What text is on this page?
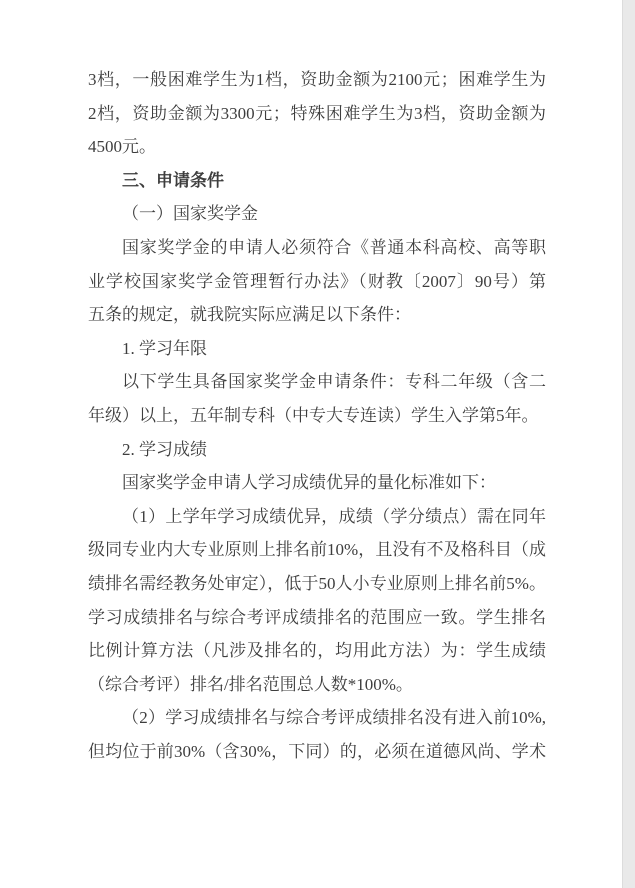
3档，一般困难学生为1档，资助金额为2100元；困难学生为
2档，资助金额为3300元；特殊困难学生为3档，资助金额为
4500元。
三、申请条件
（一）国家奖学金
国家奖学金的申请人必须符合《普通本科高校、高等职
业学校国家奖学金管理暂行办法》（财教〔2007〕90号）第
五条的规定，就我院实际应满足以下条件：
1. 学习年限
以下学生具备国家奖学金申请条件：专科二年级（含二
年级）以上，五年制专科（中专大专连读）学生入学第5年。
2. 学习成绩
国家奖学金申请人学习成绩优异的量化标准如下：
（1）上学年学习成绩优异，成绩（学分绩点）需在同年
级同专业内大专业原则上排名前10%，且没有不及格科目（成
绩排名需经教务处审定），低于50人小专业原则上排名前5%。
学习成绩排名与综合考评成绩排名的范围应一致。学生排名
比例计算方法（凡涉及排名的，均用此方法）为：学生成绩
（综合考评）排名/排名范围总人数*100%。
（2）学习成绩排名与综合考评成绩排名没有进入前10%,
但均位于前30%（含30%，下同）的，必须在道德风尚、学术
